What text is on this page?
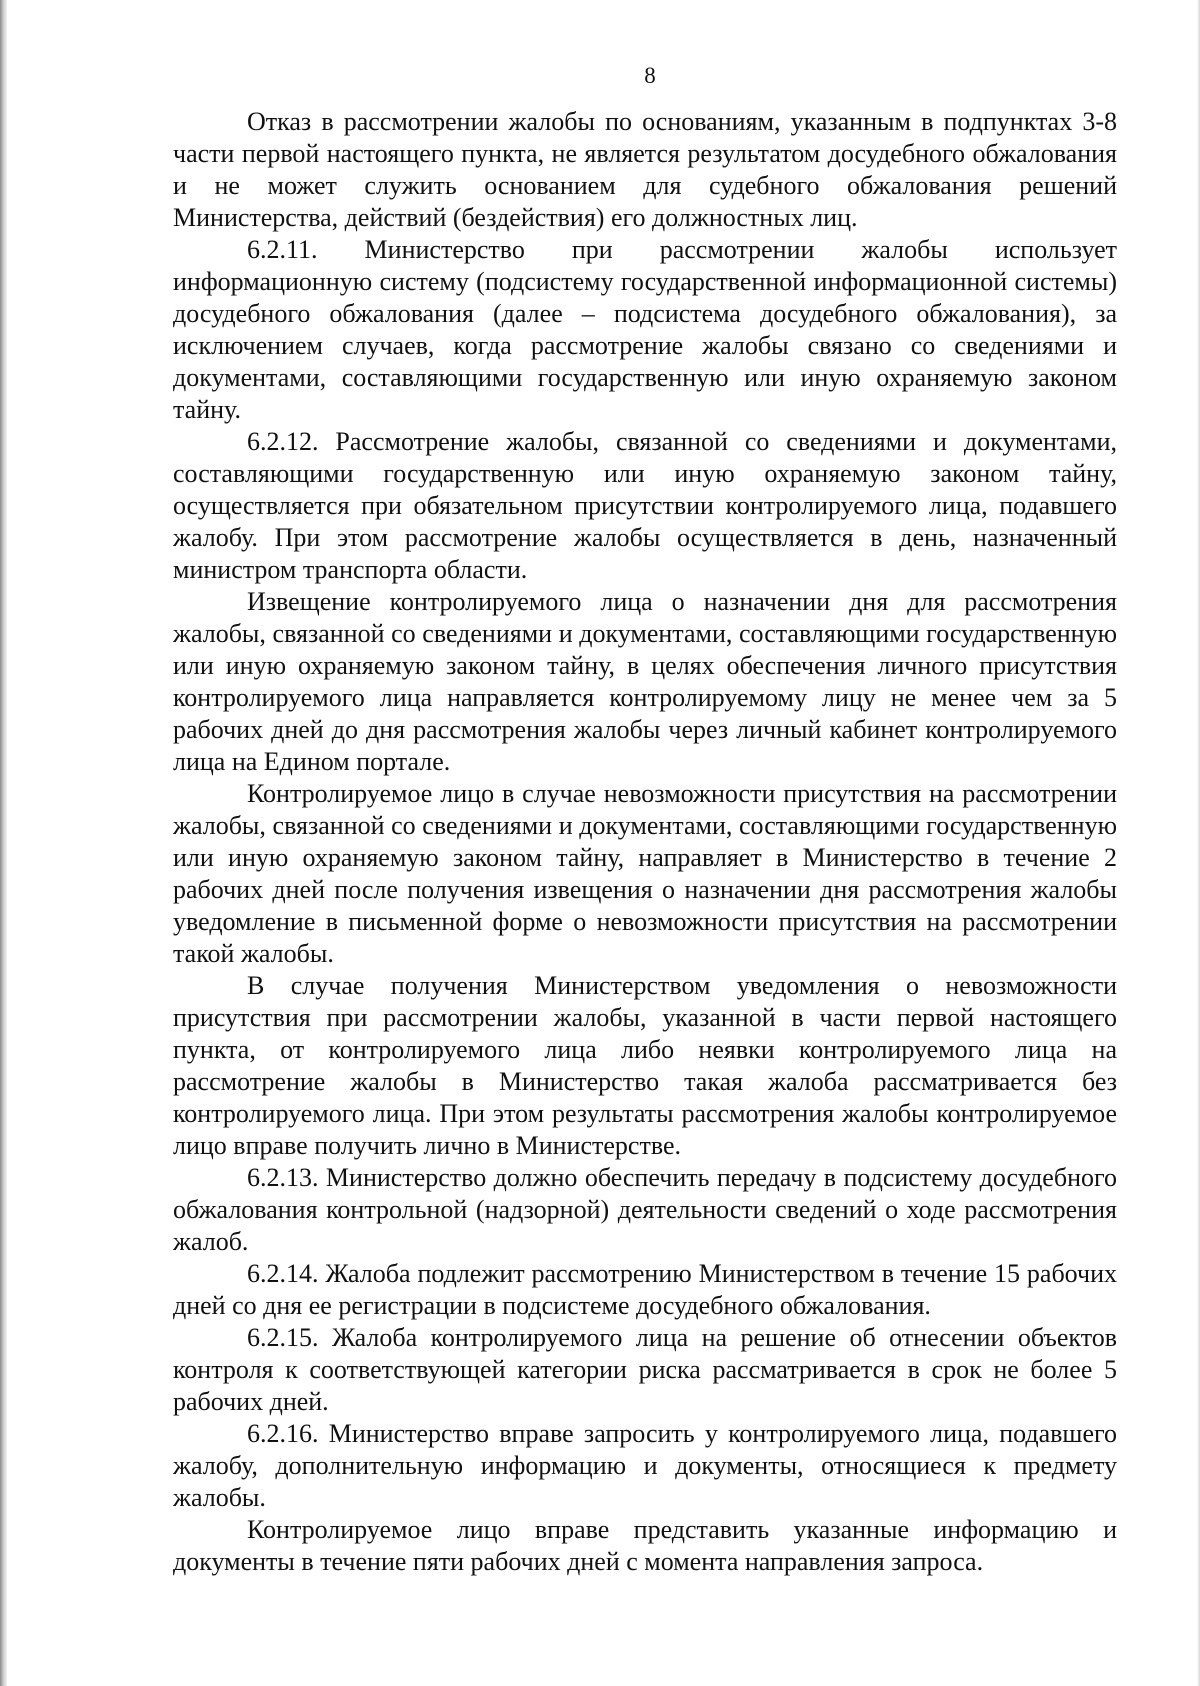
8

Отказ в рассмотрении жалобы по основаниям, указанным в подпунктах 3-8 части первой настоящего пункта, не является результатом досудебного обжалования и не может служить основанием для судебного обжалования решений Министерства, действий (бездействия) его должностных лиц.

6.2.11. Министерство при рассмотрении жалобы использует информационную систему (подсистему государственной информационной системы) досудебного обжалования (далее – подсистема досудебного обжалования), за исключением случаев, когда рассмотрение жалобы связано со сведениями и документами, составляющими государственную или иную охраняемую законом тайну.

6.2.12. Рассмотрение жалобы, связанной со сведениями и документами, составляющими государственную или иную охраняемую законом тайну, осуществляется при обязательном присутствии контролируемого лица, подавшего жалобу. При этом рассмотрение жалобы осуществляется в день, назначенный министром транспорта области.

Извещение контролируемого лица о назначении дня для рассмотрения жалобы, связанной со сведениями и документами, составляющими государственную или иную охраняемую законом тайну, в целях обеспечения личного присутствия контролируемого лица направляется контролируемому лицу не менее чем за 5 рабочих дней до дня рассмотрения жалобы через личный кабинет контролируемого лица на Едином портале.

Контролируемое лицо в случае невозможности присутствия на рассмотрении жалобы, связанной со сведениями и документами, составляющими государственную или иную охраняемую законом тайну, направляет в Министерство в течение 2 рабочих дней после получения извещения о назначении дня рассмотрения жалобы уведомление в письменной форме о невозможности присутствия на рассмотрении такой жалобы.

В случае получения Министерством уведомления о невозможности присутствия при рассмотрении жалобы, указанной в части первой настоящего пункта, от контролируемого лица либо неявки контролируемого лица на рассмотрение жалобы в Министерство такая жалоба рассматривается без контролируемого лица. При этом результаты рассмотрения жалобы контролируемое лицо вправе получить лично в Министерстве.

6.2.13. Министерство должно обеспечить передачу в подсистему досудебного обжалования контрольной (надзорной) деятельности сведений о ходе рассмотрения жалоб.

6.2.14. Жалоба подлежит рассмотрению Министерством в течение 15 рабочих дней со дня ее регистрации в подсистеме досудебного обжалования.

6.2.15. Жалоба контролируемого лица на решение об отнесении объектов контроля к соответствующей категории риска рассматривается в срок не более 5 рабочих дней.

6.2.16. Министерство вправе запросить у контролируемого лица, подавшего жалобу, дополнительную информацию и документы, относящиеся к предмету жалобы.

Контролируемое лицо вправе представить указанные информацию и документы в течение пяти рабочих дней с момента направления запроса.
